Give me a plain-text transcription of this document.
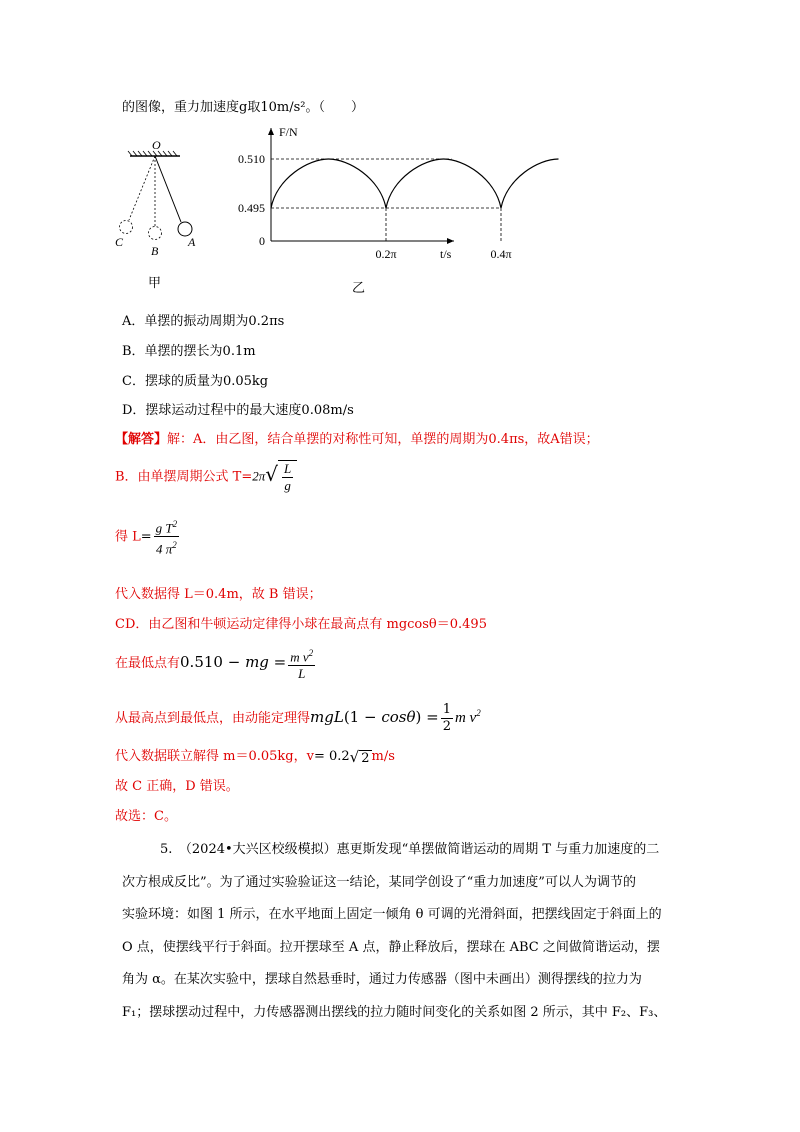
的图像，重力加速度g取10m/s²。（　　）
O
A
B
C
甲
F/N
t/s
0
0.510
0.495
0.2π	0.4π
乙
A．单摆的振动周期为0.2πs
B．单摆的摆长为0.1m
C．摆球的质量为0.05kg
D．摆球运动过程中的最大速度0.08m/s
【解答】解：A．由乙图，结合单摆的对称性可知，单摆的周期为0.4πs，故A错误；
B．由单摆周期公式 $T=2\pi√ \frac{L}{g}$
得 $L= \frac{g T^2}{4 \pi^2}$
代入数据得 L＝0.4m，故 B 错误；
CD．由乙图和牛顿运动定律得小球在最高点有 mgcosθ＝0.495
在最低点有0.510 − mg = $\frac{m v^2}{L}$
从最高点到最低点，由动能定理得$mgL(1 - \cos\theta) = \frac{1}{2}$ m $v^2$
代入数据联立解得 m＝0.05kg，v= 0.2√ 2 m/s
故 C 正确，D 错误。
故选：C。
5.　（2024•大兴区校级模拟）惠更斯发现“单摆做简谐运动的周期 T 与重力加速度的二
次方根成反比”。为了通过实验验证这一结论，某同学创设了“重力加速度”可以人为调节的
实验环境：如图 1 所示，在水平地面上固定一倾角 θ 可调的光滑斜面，把摆线固定于斜面上的
O 点，使摆线平行于斜面。拉开摆球至 A 点，静止释放后，摆球在 ABC 之间做简谐运动，摆
角为 α。在某次实验中，摆球自然悬垂时，通过力传感器（图中未画出）测得摆线的拉力为
F₁；摆球摆动过程中，力传感器测出摆线的拉力随时间变化的关系如图 2 所示，其中 F₂、F₃、
